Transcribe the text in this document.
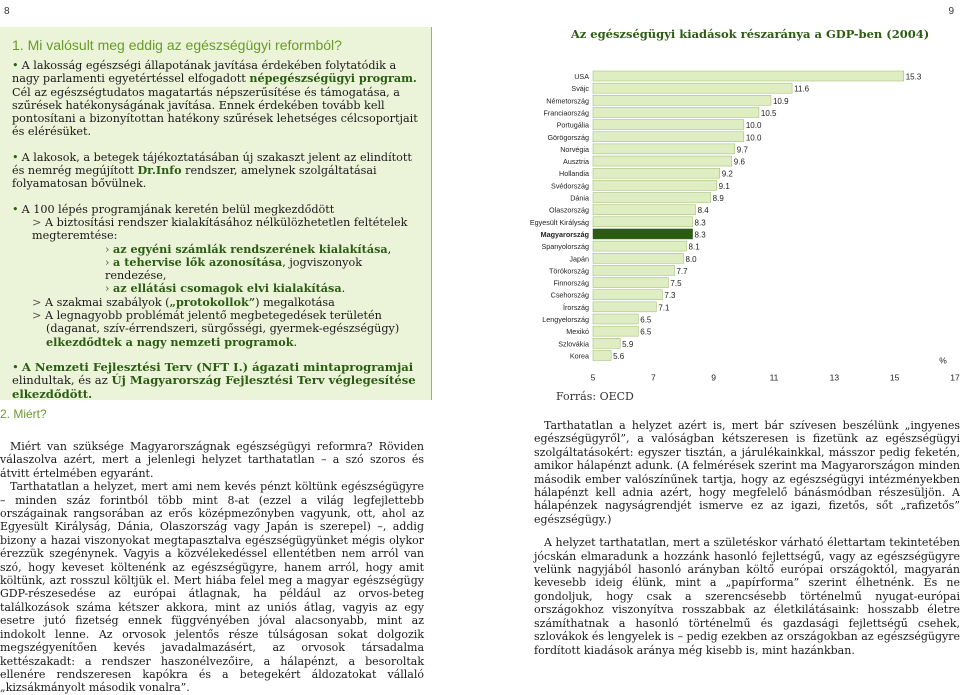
8	9
1. Mi valósult meg eddig az egészségügyi reformból?
• A lakosság egészségi állapotának javítása érdekében folytatódik a nagy parlamenti egyetértéssel elfogadott népegészségügyi program. Cél az egészségtudatos magatartás népszerűsítése és támogatása, a szűrések hatékonyságának javítása. Ennek érdekében tovább kell pontosítani a bizonyítottan hatékony szűrések lehetséges célcsoportjait és elérésüket.
• A lakosok, a betegek tájékoztatásában új szakaszt jelent az elindított és nemrég megújított Dr.Info rendszer, amelynek szolgáltatásai folyamatosan bővülnek.
• A 100 lépés programjának keretén belül megkezdődött
> A biztosítási rendszer kialakításához nélkülözhetetlen feltételek megteremtése:
› az egyéni számlák rendszerének kialakítása,
› a tehervise lők azonosítása, jogviszonyok rendezése,
› az ellátási csomagok elvi kialakítása.
> A szakmai szabályok („protokollok”) megalkotása
> A legnagyobb problémát jelentő megbetegedések területén (daganat, szív-érrendszeri, sürgősségi, gyermek-egészségügy) elkezdődtek a nagy nemzeti programok.
• A Nemzeti Fejlesztési Terv (NFT I.) ágazati mintaprogramjai elindultak, és az Új Magyarország Fejlesztési Terv véglegesítése elkezdődött.
2. Miért?

Miért van szüksége Magyarországnak egészségügyi reformra? Röviden válaszolva azért, mert a jelenlegi helyzet tarthatatlan – a szó szoros és átvitt értelmében egyaránt.

Tarthatatlan a helyzet, mert ami nem kevés pénzt költünk egészségügyre – minden száz forintból több mint 8-at (ezzel a világ legfejlettebb országainak rangsorában az erős középmezőnyben vagyunk, ott, ahol az Egyesült Királyság, Dánia, Olaszország vagy Japán is szerepel) –, addig bizony a hazai viszonyokat megtapasztalva egészségügyünket mégis olykor érezzük szegénynek. Vagyis a közvélekedéssel ellentétben nem arról van szó, hogy keveset költenénk az egészségügyre, hanem arról, hogy amit költünk, azt rosszul költjük el. Mert hiába felel meg a magyar egészségügy GDP-részesedése az európai átlagnak, ha például az orvos-beteg találkozások száma kétszer akkora, mint az uniós átlag, vagyis az egy esetre jutó fizetség ennek függvényében jóval alacsonyabb, mint az indokolt lenne. Az orvosok jelentős része túlságosan sokat dolgozik megszégyenítően kevés javadalmazásért, az orvosok társadalma kettészakadt: a rendszer haszonélvezőire, a hálapénzt, a besoroltak ellenére rendszeresen kapókra és a betegekért áldozatokat vállaló „kizsákmányolt második vonalra”.

Tarthatatlan a helyzet azért is, mert bár szívesen beszélünk „ingyenes egészségügyről”, a valóságban kétszeresen is fizetünk az egészségügyi szolgáltatásokért: egyszer tisztán, a járulékainkkal, másszor pedig feketén, amikor hálapénzt adunk. (A felmérések szerint ma Magyarországon minden második ember valószínűnek tartja, hogy az egészségügyi intézményekben hálapénzt kell adnia azért, hogy megfelelő bánásmódban részesüljön. A hálapénzek nagyságrendjét ismerve ez az igazi, fizetős, sőt „rafizetős” egészségügy.)

A helyzet tarthatatlan, mert a születéskor várható élettartam tekintetében jócskán elmaradunk a hozzánk hasonló fejlettségű, vagy az egészségügyre velünk nagyjából hasonló arányban költő európai országoktól, magyarán kevesebb ideig élünk, mint a „papírforma” szerint élhetnénk. És ne gondoljuk, hogy csak a szerencsésebb történelmű nyugat-európai országokhoz viszonyítva rosszabbak az életkilátásaink: hosszabb életre számíthatnak a hasonló történelmű és gazdasági fejlettségű csehek, szlovákok és lengyelek is – pedig ezekben az országokban az egészségügyre fordított kiadások aránya még kisebb is, mint hazánkban.

Az egészségügyi kiadások részaránya a GDP-ben (2004)
USA	15.3
Svájc	11.6
Németország	10.9
Franciaország	10.5
Portugália	10.0
Görögország	10.0
Norvégia	9.7
Ausztria	9.6
Hollandia	9.2
Svédország	9.1
Dánia	8.9
Olaszország	8.4
Egyesült Királyság	8.3
Magyarország	8.3
Spanyolország	8.1
Japán	8.0
Törökország	7.7
Finnország	7.5
Csehország	7.3
Írország	7.1
Lengyelország	6.5
Mexikó	6.5
Szlovákia	5.9
Korea	5.6
5	7	9	11	13	15	17
%
Forrás: OECD
